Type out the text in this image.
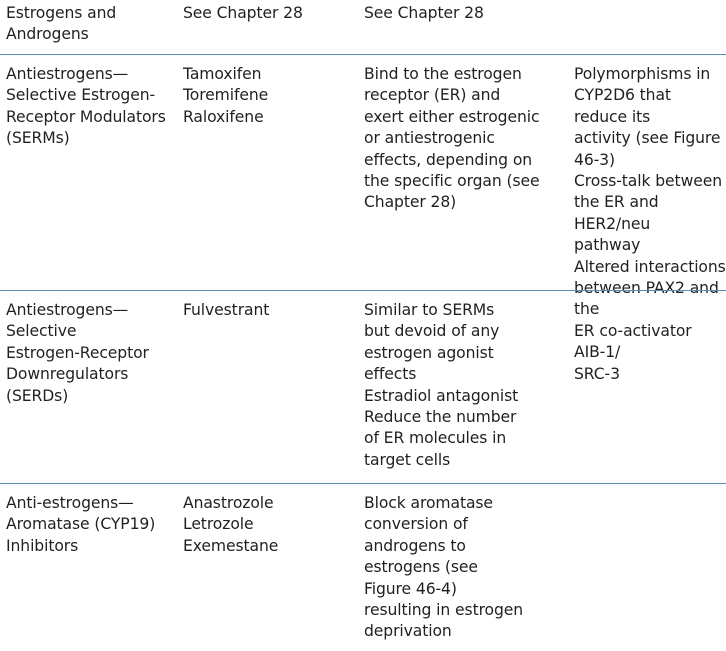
Estrogens and
Androgens
See Chapter 28	See Chapter 28
Antiestrogens—
Selective Estrogen-
Receptor Modulators
(SERMs)
Tamoxifen
Toremifene
Raloxifene
Bind to the estrogen
receptor (ER) and
exert either estrogenic
or antiestrogenic
effects, depending on
the specific organ (see
Chapter 28)
Polymorphisms in
CYP2D6 that reduce its
activity (see Figure 46-3)
Cross-talk between
the ER and HER2/neu
pathway
Altered interactions
between PAX2 and the
ER co-activator AIB-1/
SRC-3
Antiestrogens—
Selective
Estrogen-Receptor
Downregulators
(SERDs)
Fulvestrant	Similar to SERMs
but devoid of any
estrogen agonist
effects
Estradiol antagonist
Reduce the number
of ER molecules in
target cells
Anti-estrogens—
Aromatase (CYP19)
Inhibitors
Anastrozole
Letrozole
Exemestane
Block aromatase
conversion of
androgens to
estrogens (see
Figure 46-4)
resulting in estrogen
deprivation
